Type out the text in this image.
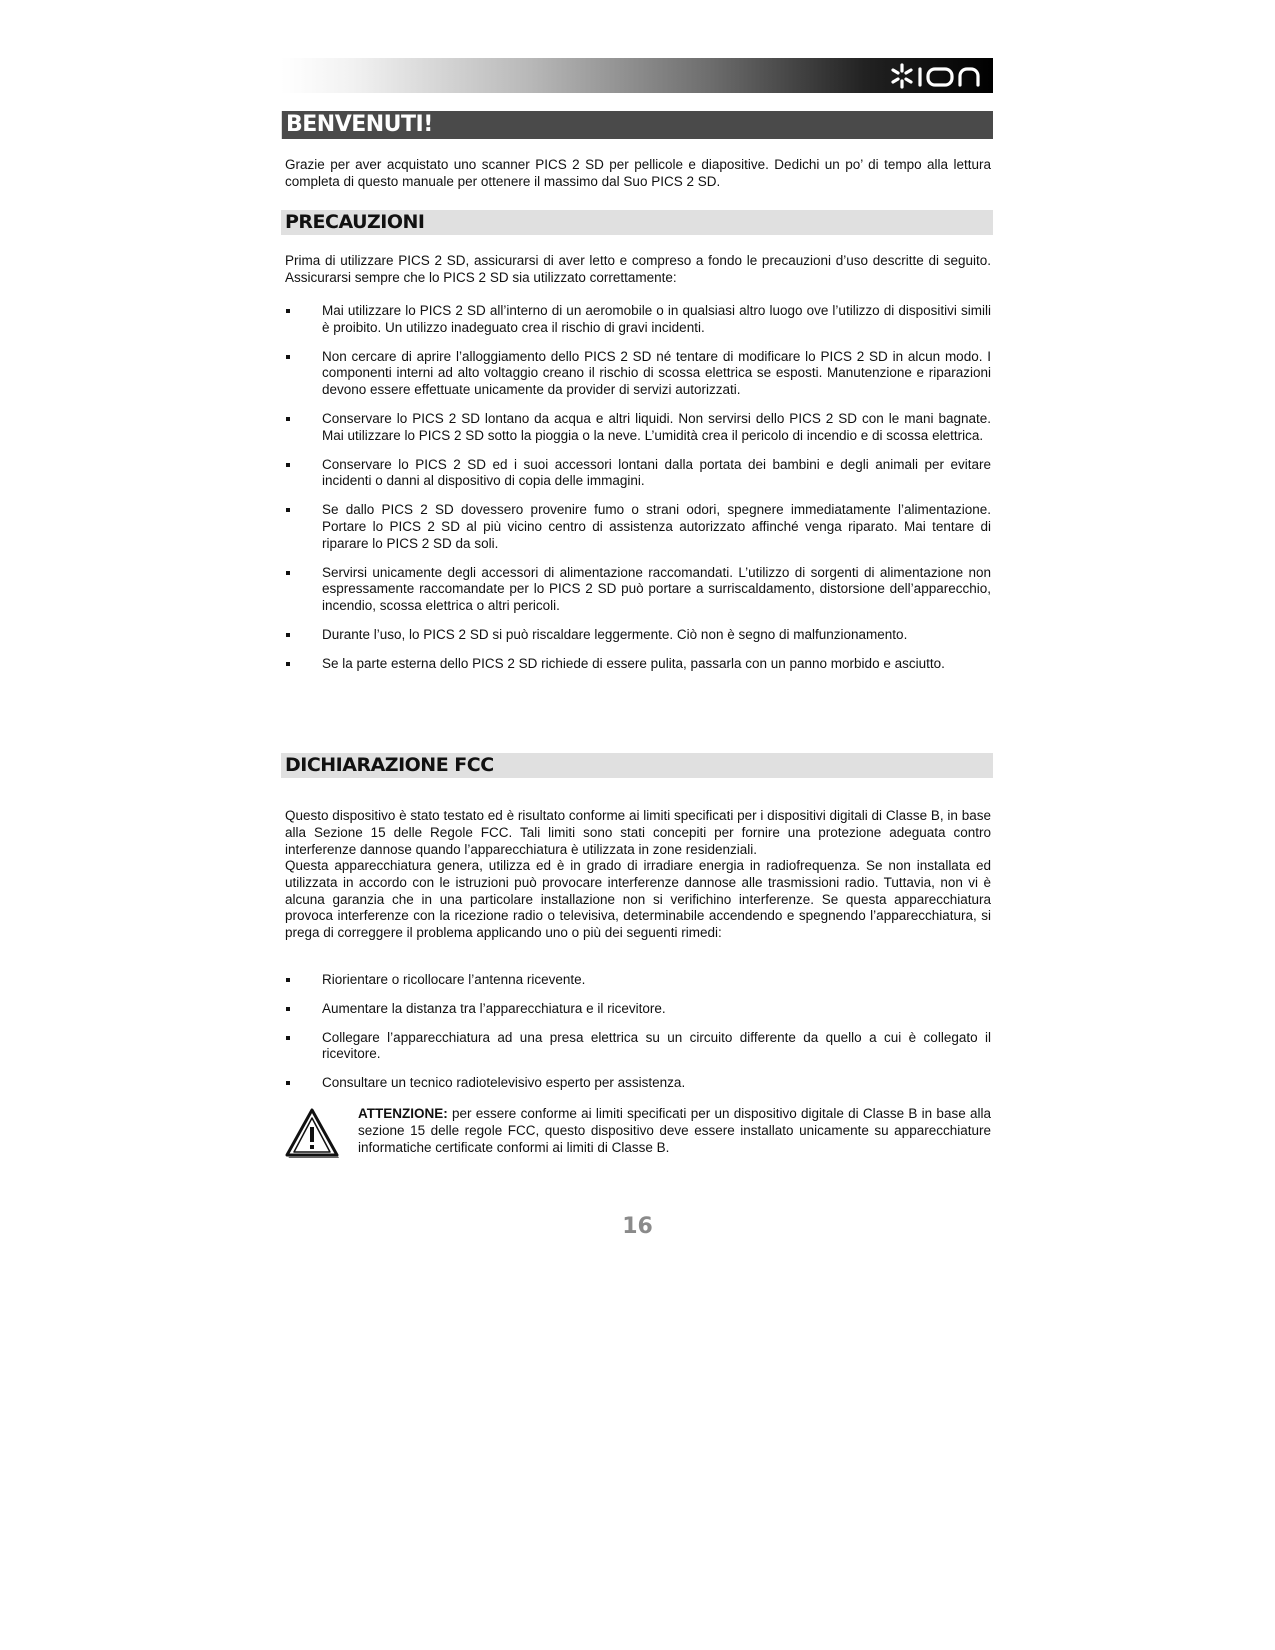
BENVENUTI!

Grazie per aver acquistato uno scanner PICS 2 SD per pellicole e diapositive. Dedichi un po’ di tempo alla lettura completa di questo manuale per ottenere il massimo dal Suo PICS 2 SD.

PRECAUZIONI

Prima di utilizzare PICS 2 SD, assicurarsi di aver letto e compreso a fondo le precauzioni d’uso descritte di seguito. Assicurarsi sempre che lo PICS 2 SD sia utilizzato correttamente:

Mai utilizzare lo PICS 2 SD all’interno di un aeromobile o in qualsiasi altro luogo ove l’utilizzo di dispositivi simili è proibito. Un utilizzo inadeguato crea il rischio di gravi incidenti.
Non cercare di aprire l’alloggiamento dello PICS 2 SD né tentare di modificare lo PICS 2 SD in alcun modo. I componenti interni ad alto voltaggio creano il rischio di scossa elettrica se esposti. Manutenzione e riparazioni devono essere effettuate unicamente da provider di servizi autorizzati.
Conservare lo PICS 2 SD lontano da acqua e altri liquidi. Non servirsi dello PICS 2 SD con le mani bagnate. Mai utilizzare lo PICS 2 SD sotto la pioggia o la neve. L’umidità crea il pericolo di incendio e di scossa elettrica.
Conservare lo PICS 2 SD ed i suoi accessori lontani dalla portata dei bambini e degli animali per evitare incidenti o danni al dispositivo di copia delle immagini.
Se dallo PICS 2 SD dovessero provenire fumo o strani odori, spegnere immediatamente l’alimentazione. Portare lo PICS 2 SD al più vicino centro di assistenza autorizzato affinché venga riparato. Mai tentare di riparare lo PICS 2 SD da soli.
Servirsi unicamente degli accessori di alimentazione raccomandati. L’utilizzo di sorgenti di alimentazione non espressamente raccomandate per lo PICS 2 SD può portare a surriscaldamento, distorsione dell’apparecchio, incendio, scossa elettrica o altri pericoli.
Durante l’uso, lo PICS 2 SD si può riscaldare leggermente. Ciò non è segno di malfunzionamento.
Se la parte esterna dello PICS 2 SD richiede di essere pulita, passarla con un panno morbido e asciutto.
DICHIARAZIONE FCC

Questo dispositivo è stato testato ed è risultato conforme ai limiti specificati per i dispositivi digitali di Classe B, in base alla Sezione 15 delle Regole FCC. Tali limiti sono stati concepiti per fornire una protezione adeguata contro interferenze dannose quando l’apparecchiatura è utilizzata in zone residenziali.

Questa apparecchiatura genera, utilizza ed è in grado di irradiare energia in radiofrequenza. Se non installata ed utilizzata in accordo con le istruzioni può provocare interferenze dannose alle trasmissioni radio. Tuttavia, non vi è alcuna garanzia che in una particolare installazione non si verifichino interferenze. Se questa apparecchiatura provoca interferenze con la ricezione radio o televisiva, determinabile accendendo e spegnendo l’apparecchiatura, si prega di correggere il problema applicando uno o più dei seguenti rimedi:

Riorientare o ricollocare l’antenna ricevente.
Aumentare la distanza tra l’apparecchiatura e il ricevitore.
Collegare l’apparecchiatura ad una presa elettrica su un circuito differente da quello a cui è collegato il ricevitore.
Consultare un tecnico radiotelevisivo esperto per assistenza.

ATTENZIONE: per essere conforme ai limiti specificati per un dispositivo digitale di Classe B in base alla sezione 15 delle regole FCC, questo dispositivo deve essere installato unicamente su apparecchiature informatiche certificate conformi ai limiti di Classe B.

16
